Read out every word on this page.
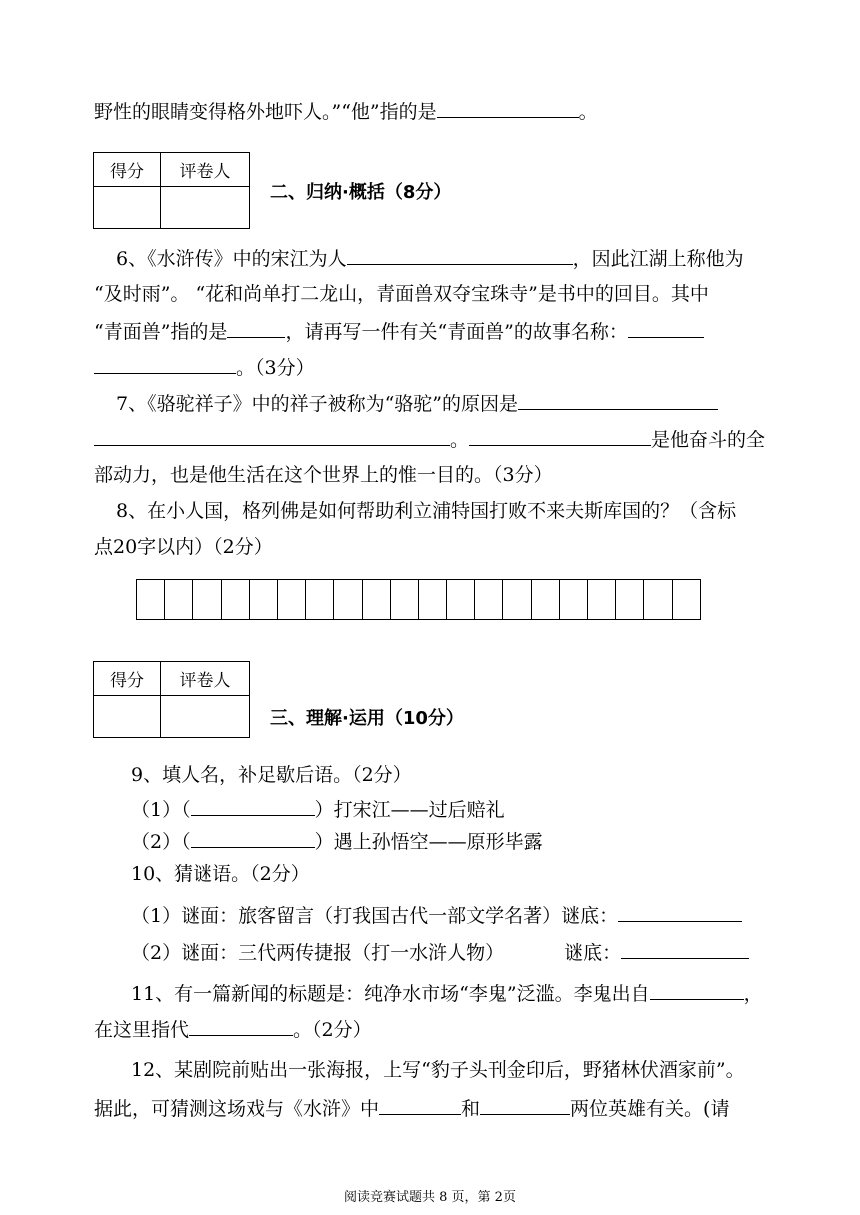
野性的眼睛变得格外地吓人。”“他”指的是	。
得分	评卷人

二、归纳·概括（8分）
6、《水浒传》中的宋江为人	，因此江湖上称他为
“及时雨”。 “花和尚单打二龙山，青面兽双夺宝珠寺”是书中的回目。其中
“青面兽”指的是	，请再写一件有关“青面兽”的故事名称：
。（3分）
7、《骆驼祥子》中的祥子被称为“骆驼”的原因是
。	是他奋斗的全
部动力，也是他生活在这个世界上的惟一目的。（3分）
8、在小人国，格列佛是如何帮助利立浦特国打败不来夫斯库国的？（含标
点20字以内）（2分）
得分	评卷人

三、理解·运用（10分）
9、填人名，补足歇后语。（2分）
（1）（	）打宋江——过后赔礼
（2）（	）遇上孙悟空——原形毕露
10、猜谜语。（2分）
（1）谜面：旅客留言（打我国古代一部文学名著）谜底：
（2）谜面：三代两传捷报（打一水浒人物）	谜底：
11、有一篇新闻的标题是：纯净水市场“李鬼”泛滥。李鬼出自	，
在这里指代	。（2分）
12、某剧院前贴出一张海报，上写“豹子头刊金印后，野猪林伏酒家前”。
据此，可猜测这场戏与《水浒》中	和	两位英雄有关。(请
阅读竞赛试题共 8 页，第 2页
